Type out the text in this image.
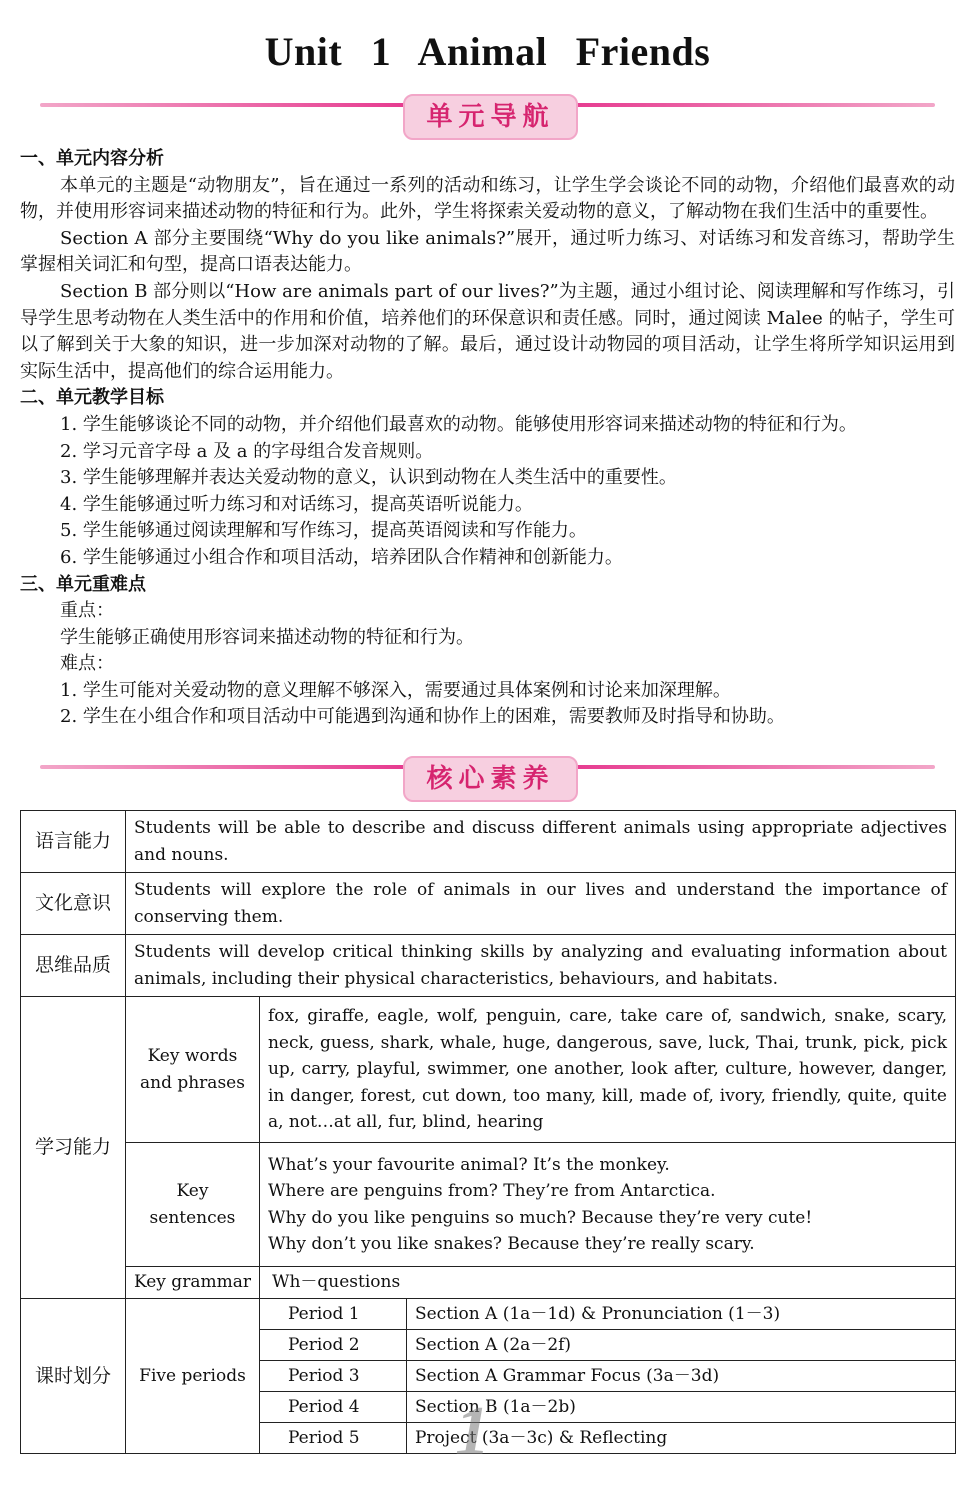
Unit 1 Animal Friends
单元导航

一、单元内容分析

本单元的主题是“动物朋友”，旨在通过一系列的活动和练习，让学生学会谈论不同的动物，介绍他们最喜欢的动物，并使用形容词来描述动物的特征和行为。此外，学生将探索关爱动物的意义，了解动物在我们生活中的重要性。

Section A 部分主要围绕“Why do you like animals?”展开，通过听力练习、对话练习和发音练习，帮助学生掌握相关词汇和句型，提高口语表达能力。

Section B 部分则以“How are animals part of our lives?”为主题，通过小组讨论、阅读理解和写作练习，引导学生思考动物在人类生活中的作用和价值，培养他们的环保意识和责任感。同时，通过阅读 Malee 的帖子，学生可以了解到关于大象的知识，进一步加深对动物的了解。最后，通过设计动物园的项目活动，让学生将所学知识运用到实际生活中，提高他们的综合运用能力。

二、单元教学目标

1. 学生能够谈论不同的动物，并介绍他们最喜欢的动物。能够使用形容词来描述动物的特征和行为。

2. 学习元音字母 a 及 a 的字母组合发音规则。

3. 学生能够理解并表达关爱动物的意义，认识到动物在人类生活中的重要性。

4. 学生能够通过听力练习和对话练习，提高英语听说能力。

5. 学生能够通过阅读理解和写作练习，提高英语阅读和写作能力。

6. 学生能够通过小组合作和项目活动，培养团队合作精神和创新能力。

三、单元重难点

重点：

学生能够正确使用形容词来描述动物的特征和行为。

难点：

1. 学生可能对关爱动物的意义理解不够深入，需要通过具体案例和讨论来加深理解。

2. 学生在小组合作和项目活动中可能遇到沟通和协作上的困难，需要教师及时指导和协助。

核心素养
语言能力	Students will be able to describe and discuss different animals using appropriate adjectives and nouns.		
文化意识	Students will explore the role of animals in our lives and understand the importance of conserving them.		
思维品质	Students will develop critical thinking skills by analyzing and evaluating information about animals, including their physical characteristics, behaviours, and habitats.		
学习能力	Key words and phrases	fox, giraffe, eagle, wolf, penguin, care, take care of, sandwich, snake, scary, neck, guess, shark, whale, huge, dangerous, save, luck, Thai, trunk, pick, pick up, carry, playful, swimmer, one another, look after, culture, however, danger, in danger, forest, cut down, too many, kill, made of, ivory, friendly, quite, quite a, not…at all, fur, blind, hearing	
	Key sentences	What’s your favourite animal? It’s the monkey.
Where are penguins from? They’re from Antarctica.
Why do you like penguins so much? Because they’re very cute!
Why don’t you like snakes? Because they’re really scary.	

	Key grammar	Wh－questions	
课时划分	Five periods	Period 1	Section A (1a－1d) & Pronunciation (1－3)
		Period 2	Section A (2a－2f)
		Period 3	Section A Grammar Focus (3a－3d)
		Period 4	Section B (1a－2b)
		Period 5	Project (3a－3c) & Reflecting
1
